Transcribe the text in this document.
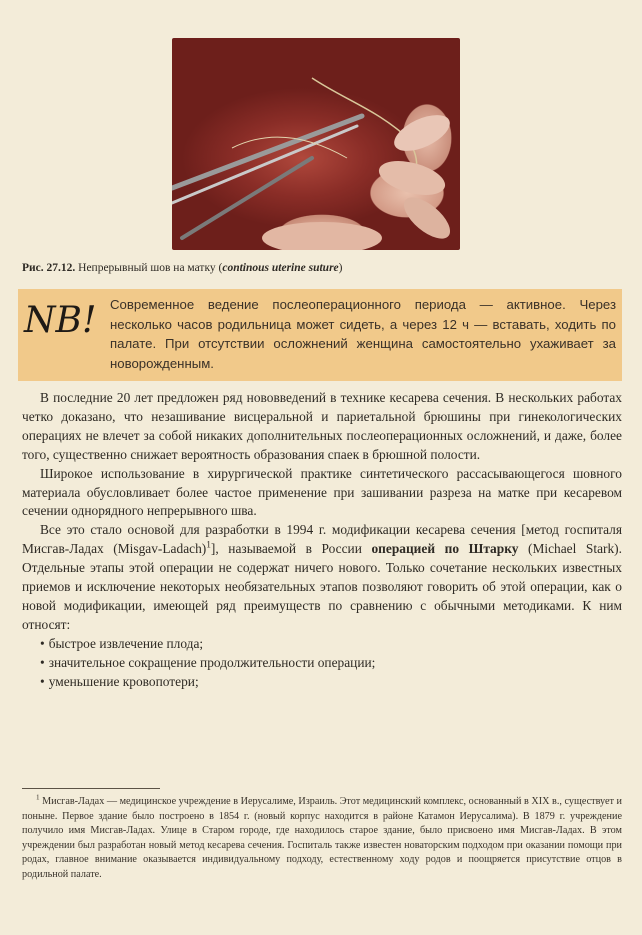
Рис. 27.12. Непрерывный шов на матку (continous uterine suture)
NB!	Современное ведение послеоперационного периода — активное. Через несколько часов родильница может сидеть, а через 12 ч — вставать, ходить по палате. При отсутствии осложнений женщина самостоятельно ухаживает за новорожденным.

В последние 20 лет предложен ряд нововведений в технике кесарева сечения. В нескольких работах четко доказано, что незашивание висцеральной и париетальной брюшины при гинекологических операциях не влечет за собой никаких дополнительных послеоперационных осложнений, и даже, более того, существенно снижает вероятность образования спаек в брюшной полости.

Широкое использование в хирургической практике синтетического рассасывающегося шовного материала обусловливает более частое применение при зашивании разреза на матке при кесаревом сечении однорядного непрерывного шва.

Все это стало основой для разработки в 1994 г. модификации кесарева сечения [метод госпиталя Мисгав-Ладах (Misgav-Ladach)$^1$], называемой в России операцией по Штарку (Michael Stark). Отдельные этапы этой операции не содержат ничего нового. Только сочетание нескольких известных приемов и исключение некоторых необязательных этапов позволяют говорить об этой операции, как о новой модификации, имеющей ряд преимуществ по сравнению с обычными методиками. К ним относят:

• быстрое извлечение плода;
• значительное сокращение продолжительности операции;
• уменьшение кровопотери;

$^1$ Мисгав-Ладах — медицинское учреждение в Иерусалиме, Израиль. Этот медицинский комплекс, основанный в XIX в., существует и поныне. Первое здание было построено в 1854 г. (новый корпус находится в районе Катамон Иерусалима). В 1879 г. учреждение получило имя Мисгав-Ладах. Улице в Старом городе, где находилось старое здание, было присвоено имя Мисгав-Ладах. В этом учреждении был разработан новый метод кесарева сечения. Госпиталь также известен новаторским подходом при оказании помощи при родах, главное внимание оказывается индивидуальному подходу, естественному ходу родов и поощряется присутствие отцов в родильной палате.
